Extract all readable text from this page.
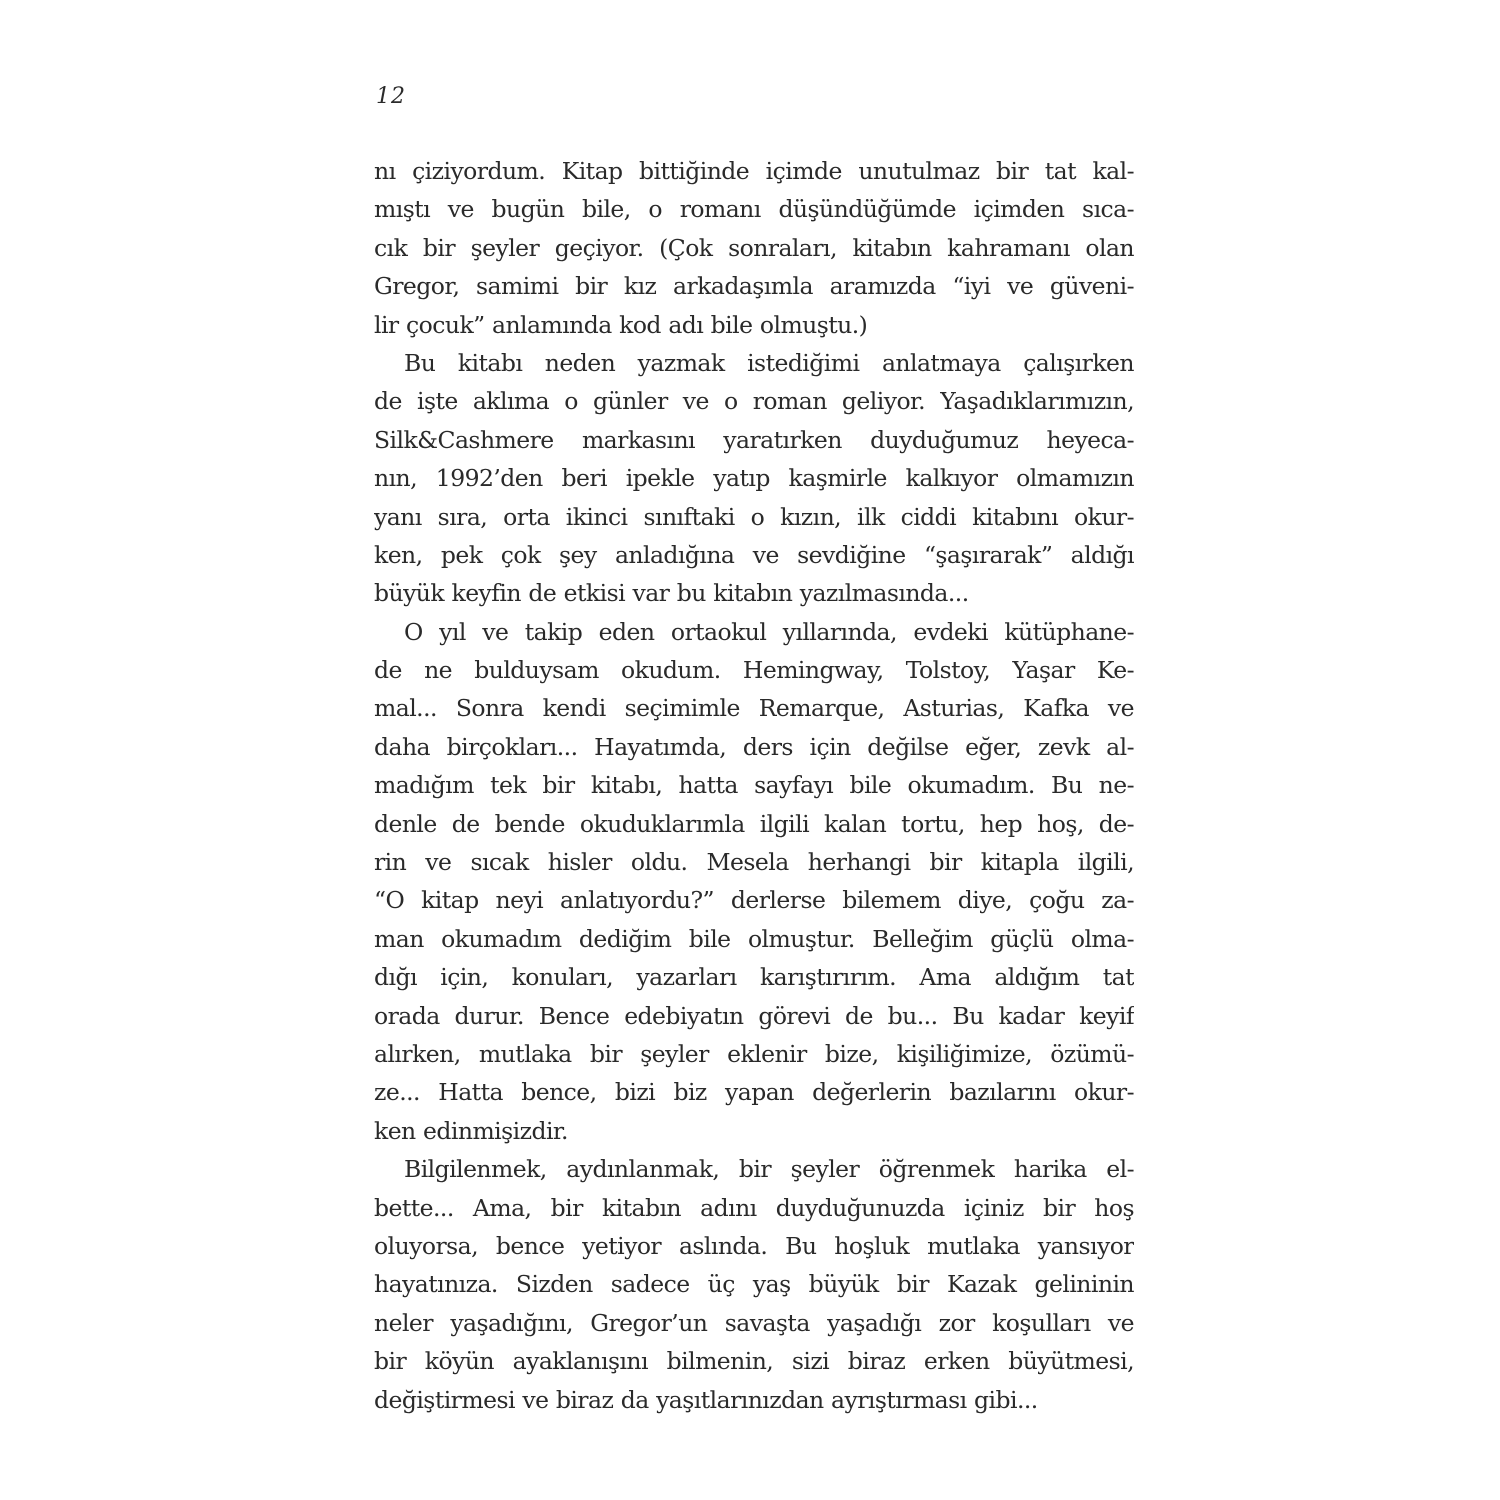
12
nı çiziyordum. Kitap bittiğinde içimde unutulmaz bir tat kal-
mıştı ve bugün bile, o romanı düşündüğümde içimden sıca-
cık bir şeyler geçiyor. (Çok sonraları, kitabın kahramanı olan
Gregor, samimi bir kız arkadaşımla aramızda “iyi ve güveni-
lir çocuk” anlamında kod adı bile olmuştu.)
Bu kitabı neden yazmak istediğimi anlatmaya çalışırken
de işte aklıma o günler ve o roman geliyor. Yaşadıklarımızın,
Silk&Cashmere markasını yaratırken duyduğumuz heyeca-
nın, 1992’den beri ipekle yatıp kaşmirle kalkıyor olmamızın
yanı sıra, orta ikinci sınıftaki o kızın, ilk ciddi kitabını okur-
ken, pek çok şey anladığına ve sevdiğine “şaşırarak” aldığı
büyük keyfin de etkisi var bu kitabın yazılmasında...
O yıl ve takip eden ortaokul yıllarında, evdeki kütüphane-
de ne bulduysam okudum. Hemingway, Tolstoy, Yaşar Ke-
mal... Sonra kendi seçimimle Remarque, Asturias, Kafka ve
daha birçokları... Hayatımda, ders için değilse eğer, zevk al-
madığım tek bir kitabı, hatta sayfayı bile okumadım. Bu ne-
denle de bende okuduklarımla ilgili kalan tortu, hep hoş, de-
rin ve sıcak hisler oldu. Mesela herhangi bir kitapla ilgili,
“O kitap neyi anlatıyordu?” derlerse bilemem diye, çoğu za-
man okumadım dediğim bile olmuştur. Belleğim güçlü olma-
dığı için, konuları, yazarları karıştırırım. Ama aldığım tat
orada durur. Bence edebiyatın görevi de bu... Bu kadar keyif
alırken, mutlaka bir şeyler eklenir bize, kişiliğimize, özümü-
ze... Hatta bence, bizi biz yapan değerlerin bazılarını okur-
ken edinmişizdir.
Bilgilenmek, aydınlanmak, bir şeyler öğrenmek harika el-
bette... Ama, bir kitabın adını duyduğunuzda içiniz bir hoş
oluyorsa, bence yetiyor aslında. Bu hoşluk mutlaka yansıyor
hayatınıza. Sizden sadece üç yaş büyük bir Kazak gelininin
neler yaşadığını, Gregor’un savaşta yaşadığı zor koşulları ve
bir köyün ayaklanışını bilmenin, sizi biraz erken büyütmesi,
değiştirmesi ve biraz da yaşıtlarınızdan ayrıştırması gibi...
